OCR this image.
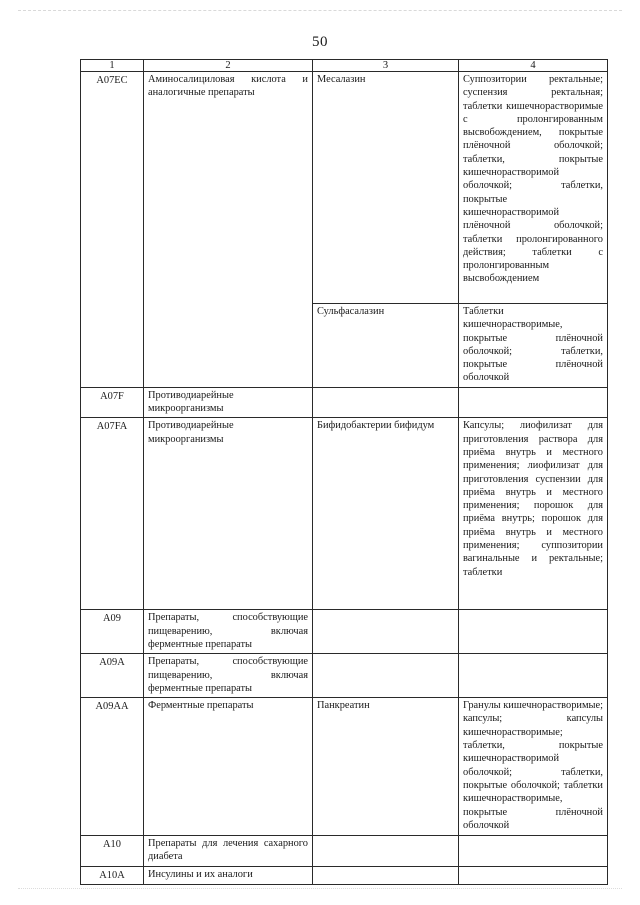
50
1	2	3	4
A07EC	Аминосалициловая кислота и аналогичные препараты	Месалазин	Суппозитории ректальные; суспензия ректальная; таблетки кишечнорастворимые с пролонгированным высвобождением, покрытые плёночной оболочкой; таблетки, покрытые кишечнорастворимой оболочкой; таблетки, покрытые кишечнорастворимой плёночной оболочкой; таблетки пролонгированного действия; таблетки с пролонгированным высвобождением
		Сульфасалазин	Таблетки кишечнорастворимые, покрытые плёночной оболочкой; таблетки, покрытые плёночной оболочкой
A07F	Противодиарейные микроорганизмы		
A07FA	Противодиарейные микроорганизмы	Бифидобактерии бифидум	Капсулы; лиофилизат для приготовления раствора для приёма внутрь и местного применения; лиофилизат для приготовления суспензии для приёма внутрь и местного применения; порошок для приёма внутрь; порошок для приёма внутрь и местного применения; суппозитории вагинальные и ректальные; таблетки
A09	Препараты, способствующие пищеварению, включая ферментные препараты		
A09A	Препараты, способствующие пищеварению, включая ферментные препараты		
A09AA	Ферментные препараты	Панкреатин	Гранулы кишечнорастворимые; капсулы; капсулы кишечнорастворимые; таблетки, покрытые кишечнорастворимой оболочкой; таблетки, покрытые оболочкой; таблетки кишечнорастворимые, покрытые плёночной оболочкой
A10	Препараты для лечения сахарного диабета		
A10A	Инсулины и их аналоги		
